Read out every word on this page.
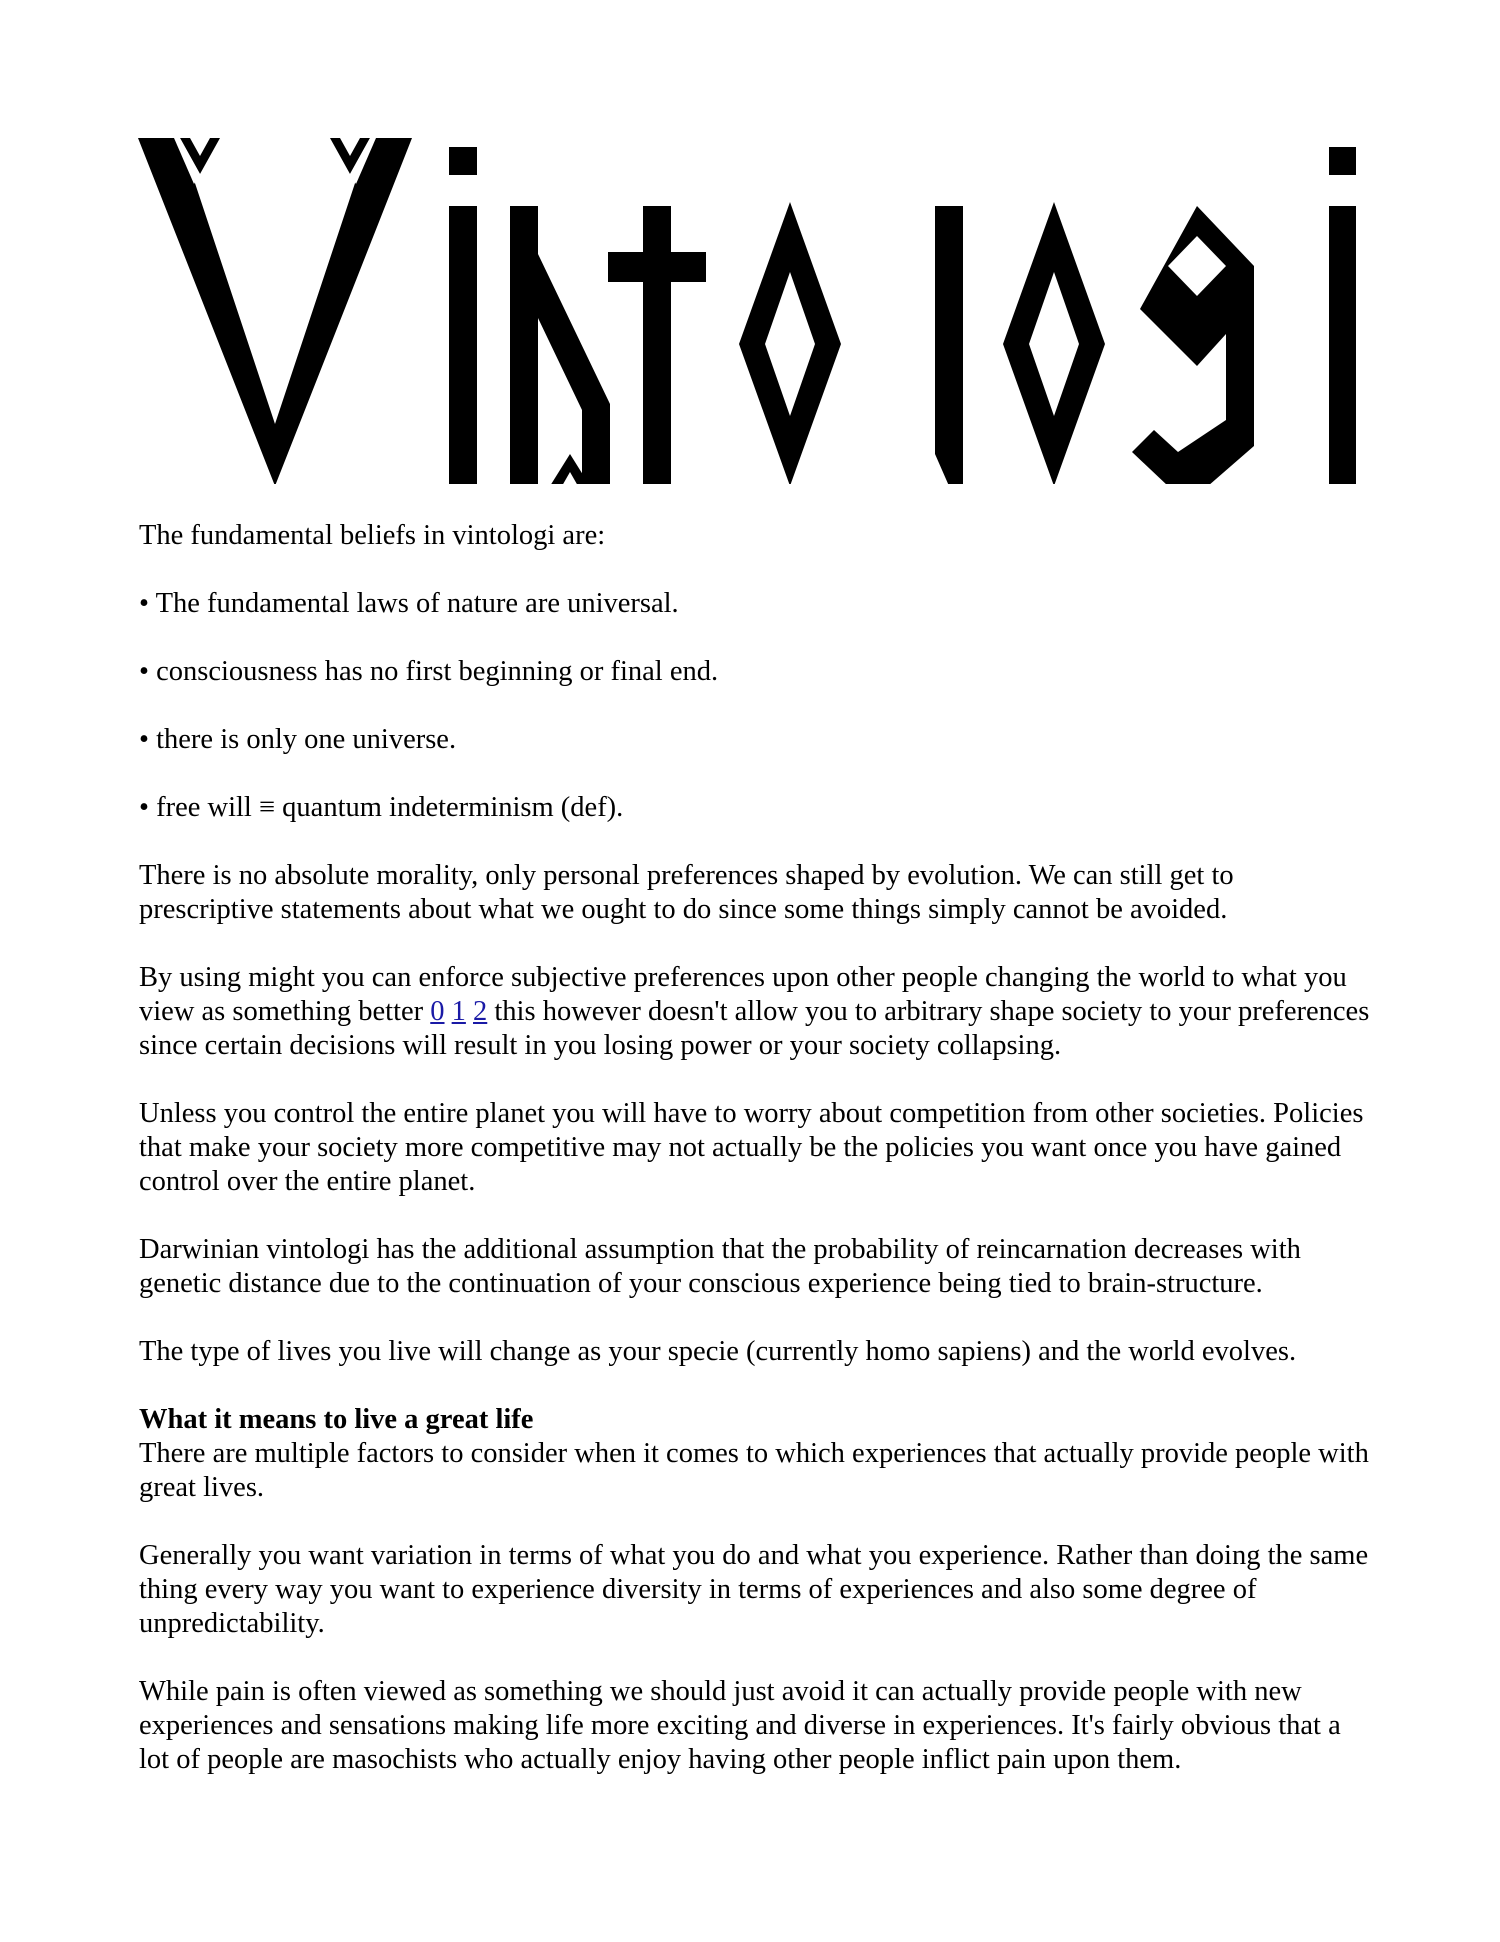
The fundamental beliefs in vintologi are:

• The fundamental laws of nature are universal.

• consciousness has no first beginning or final end.

• there is only one universe.

• free will ≡ quantum indeterminism (def).

There is no absolute morality, only personal preferences shaped by evolution. We can still get to prescriptive statements about what we ought to do since some things simply cannot be avoided.

By using might you can enforce subjective preferences upon other people changing the world to what you view as something better 0 1 2 this however doesn't allow you to arbitrary shape society to your preferences since certain decisions will result in you losing power or your society collapsing.

Unless you control the entire planet you will have to worry about competition from other societies. Policies that make your society more competitive may not actually be the policies you want once you have gained control over the entire planet.

Darwinian vintologi has the additional assumption that the probability of reincarnation decreases with genetic distance due to the continuation of your conscious experience being tied to brain-structure.

The type of lives you live will change as your specie (currently homo sapiens) and the world evolves.

What it means to live a great life
There are multiple factors to consider when it comes to which experiences that actually provide people with great lives.

Generally you want variation in terms of what you do and what you experience. Rather than doing the same thing every way you want to experience diversity in terms of experiences and also some degree of unpredictability.

While pain is often viewed as something we should just avoid it can actually provide people with new experiences and sensations making life more exciting and diverse in experiences. It's fairly obvious that a lot of people are masochists who actually enjoy having other people inflict pain upon them.
